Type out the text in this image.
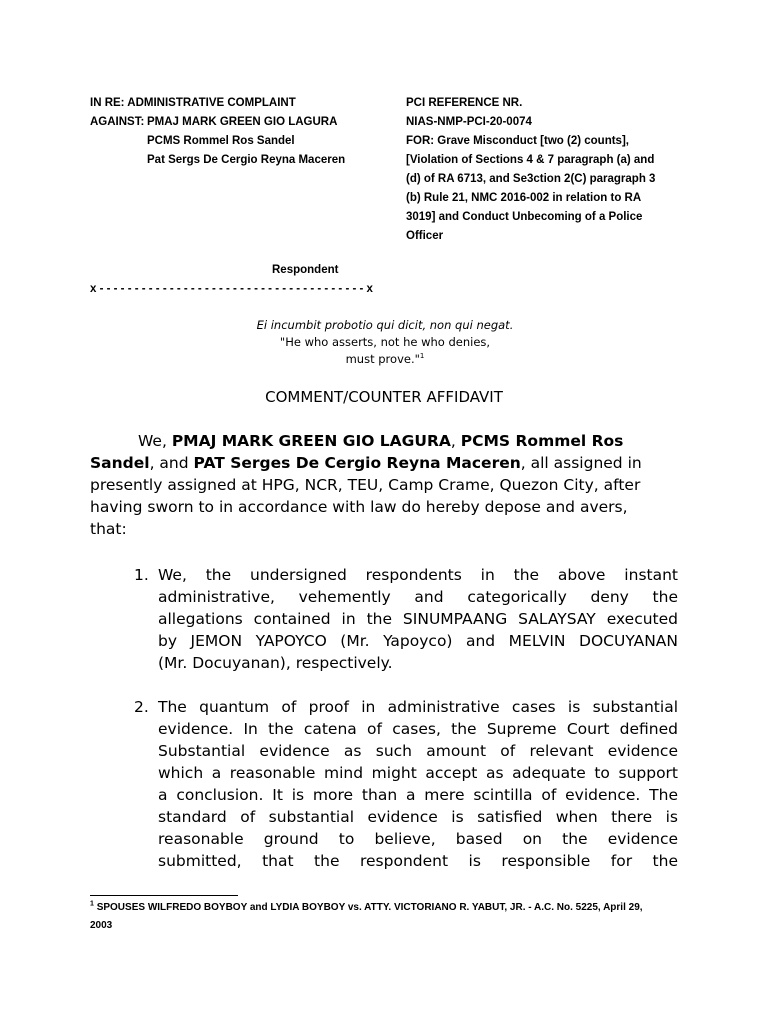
IN RE: ADMINISTRATIVE COMPLAINT
AGAINST: PMAJ MARK GREEN GIO LAGURA
PCMS Rommel Ros Sandel
Pat Sergs De Cergio Reyna Maceren
PCI REFERENCE NR.
NIAS-NMP-PCI-20-0074
FOR: Grave Misconduct [two (2) counts],
[Violation of Sections 4 & 7 paragraph (a) and
(d) of RA 6713, and Se3ction 2(C) paragraph 3
(b) Rule 21, NMC 2016-002 in relation to RA
3019] and Conduct Unbecoming of a Police
Officer
Respondent
x - - - - - - - - - - - - - - - - - - - - - - - - - - - - - - - - - - - - - - x
Ei incumbit probotio qui dicit, non qui negat.
"He who asserts, not he who denies,
must prove."$^1$
COMMENT/COUNTER AFFIDAVIT
We, PMAJ MARK GREEN GIO LAGURA, PCMS Rommel Ros
Sandel, and PAT Serges De Cergio Reyna Maceren, all assigned in
presently assigned at HPG, NCR, TEU, Camp Crame, Quezon City, after
having sworn to in accordance with law do hereby depose and avers,
that:
1. We, the undersigned respondents in the above instant
administrative, vehemently and categorically deny the
allegations contained in the SINUMPAANG SALAYSAY executed
by JEMON YAPOYCO (Mr. Yapoyco) and MELVIN DOCUYANAN
(Mr. Docuyanan), respectively.
2. The quantum of proof in administrative cases is substantial
evidence. In the catena of cases, the Supreme Court defined
Substantial evidence as such amount of relevant evidence
which a reasonable mind might accept as adequate to support
a conclusion. It is more than a mere scintilla of evidence. The
standard of substantial evidence is satisfied when there is
reasonable ground to believe, based on the evidence
submitted, that the respondent is responsible for the
$^1$ SPOUSES WILFREDO BOYBOY and LYDIA BOYBOY vs. ATTY. VICTORIANO R. YABUT, JR. - A.C. No. 5225, April 29,
2003
